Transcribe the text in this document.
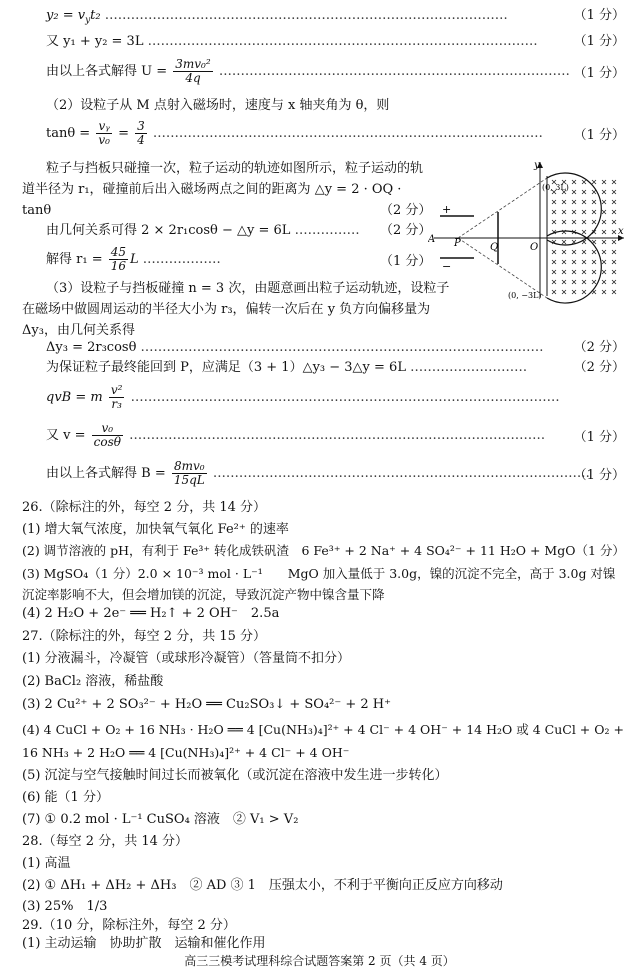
$y_2 = v_yt_2$ …………………………………………………………………………………	（1 分）
又 y₁ + y₂ = 3L ………………………………………………………………………………	（1 分）
由以上各式解得 $U = \frac{\text{3mv₀²}}{4q}$ ……………………………………………………………………… （1 分）
（2）设粒子从 M 点射入磁场时，速度与 x 轴夹角为 θ，则
$\tan\theta = \frac{\text{vᵧ}}{\text{v₀}} = \frac{3}{4}$ ……………………………………………………………………………… （1 分）
粒子与挡板只碰撞一次，粒子运动的轨迹如图所示，粒子运动的轨道半径为 r₁，碰撞前后出入磁场两点之间的距离为 △y = 2 · OQ · tanθ	（2 分）
由几何关系可得 2 × 2r₁cosθ − △y = 6L …………… （2 分）
解得 $r_1 = \frac{45}{16}$ L ………………	（1 分）
y
x
(0, 3L)
(0, −3L)
A P	Q	O
+
−
（3）设粒子与挡板碰撞 n = 3 次，由题意画出粒子运动轨迹，设粒子在磁场中做圆周运动的半径大小为 r₃，偏转一次后在 y 负方向偏移量为 Δy₃，由几何关系得
Δy₃ = 2r₃cosθ ………………………………………………………………………………… （2 分）
为保证粒子最终能回到 P，应满足（3 + 1）△y₃ − 3△y = 6L ………………………	（2 分）
qvB = m $\frac{\text{v²}}{\text{r₃}}$ ………………………………………………………………………………………
又 $v = \frac{\text{v₀}}{\cos\theta}$ …………………………………………………………………………………… （1 分）
由以上各式解得 $B = \frac{\text{8mv₀}}{15qL}$ ……………………………………………………………………………
（1 分）
26.（除标注的外，每空 2 分，共 14 分）
(1) 增大氧气浓度，加快氧气氧化 Fe²⁺ 的速率
(2) 调节溶液的 pH，有利于 Fe³⁺ 转化成铁矾渣　6 Fe³⁺ + 2 Na⁺ + 4 SO₄²⁻ + 11 H₂O + MgO（1 分）
(3) MgSO₄（1 分）2.0 × 10⁻³ mol · L⁻¹　　MgO 加入量低于 3.0g，镍的沉淀不完全，高于 3.0g 对镍沉淀率影响不大，但会增加镁的沉淀，导致沉淀产物中镍含量下降
(4) 2 H₂O + 2e⁻ ══ H₂↑ + 2 OH⁻　2.5a
27.（除标注的外，每空 2 分，共 15 分）
(1) 分液漏斗，冷凝管（或球形冷凝管）（答量筒不扣分）
(2) BaCl₂ 溶液，稀盐酸
(3) 2 Cu²⁺ + 2 SO₃²⁻ + H₂O ══ Cu₂SO₃↓ + SO₄²⁻ + 2 H⁺
(4) 4 CuCl + O₂ + 16 NH₃ · H₂O ══ 4 [Cu(NH₃)₄]²⁺ + 4 Cl⁻ + 4 OH⁻ + 14 H₂O 或 4 CuCl + O₂ + 16 NH₃ + 2 H₂O ══ 4 [Cu(NH₃)₄]²⁺ + 4 Cl⁻ + 4 OH⁻
(5) 沉淀与空气接触时间过长而被氧化（或沉淀在溶液中发生进一步转化）
(6) 能（1 分）
(7) ① 0.2 mol · L⁻¹ CuSO₄ 溶液　② V₁ > V₂
28.（每空 2 分，共 14 分）
(1) 高温
(2) ① ΔH₁ + ΔH₂ + ΔH₃　② AD ③ 1　压强太小，不利于平衡向正反应方向移动
(3) 25%　1/3
29.（10 分，除标注外，每空 2 分）
(1) 主动运输　协助扩散　运输和催化作用
高三三模考试理科综合试题答案第 2 页（共 4 页）
